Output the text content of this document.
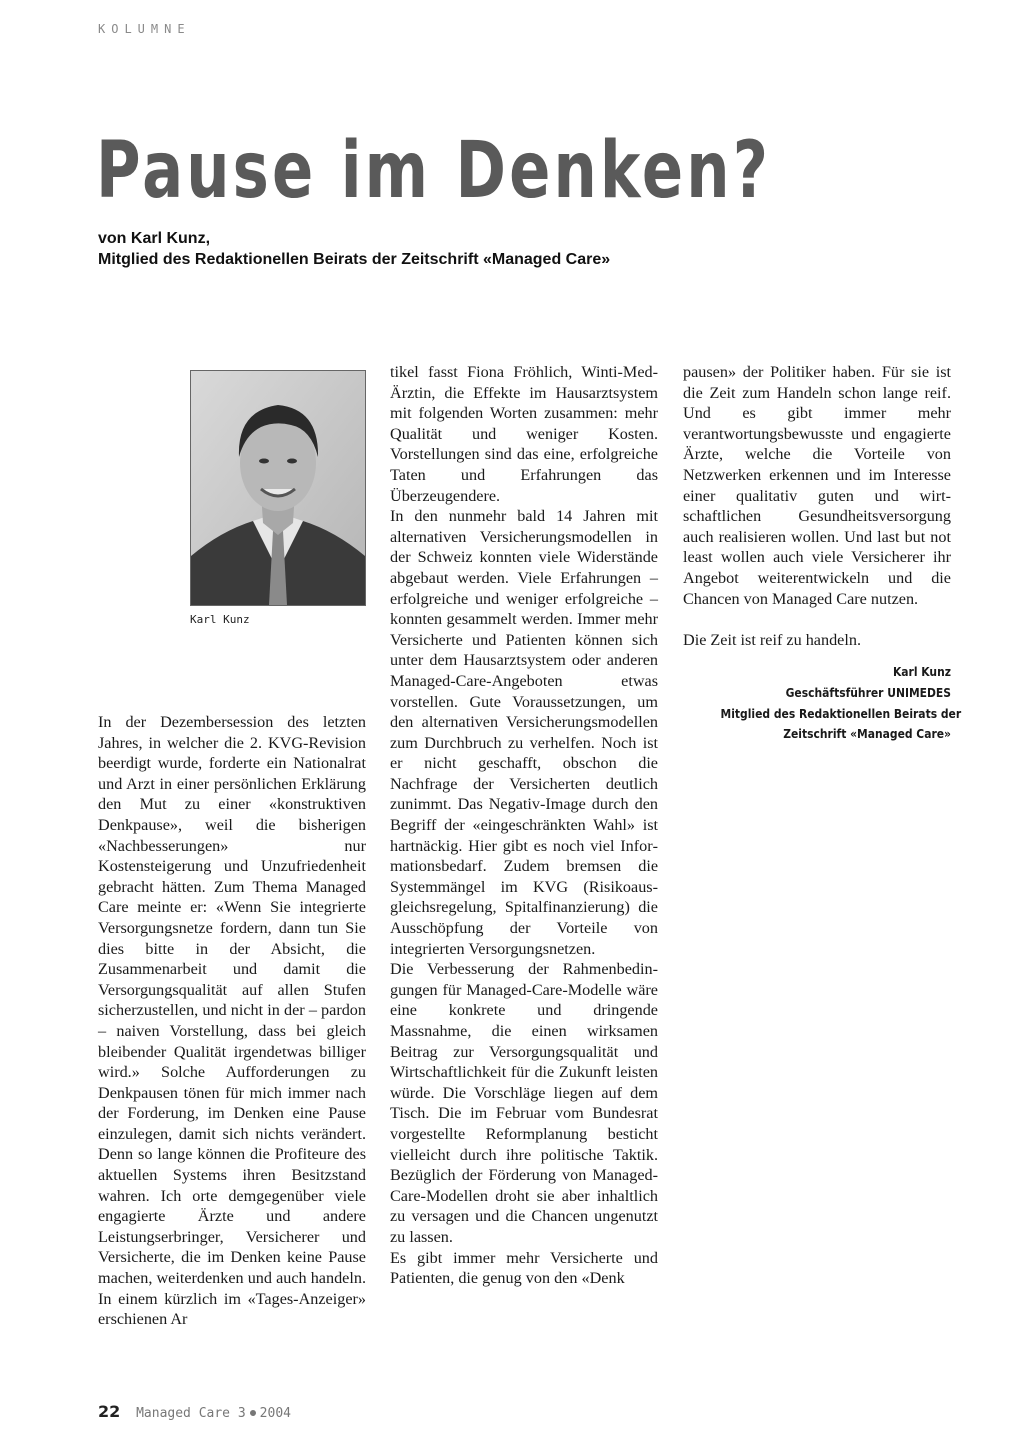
KOLUMNE
Pause im Denken?
von Karl Kunz,
Mitglied des Redaktionellen Beirats der Zeitschrift «Managed Care»
Karl Kunz

In der Dezembersession des letzten Jahres, in welcher die 2. KVG-Revision beerdigt wurde, forderte ein Nationalrat und Arzt in einer persönlichen Erklärung den Mut zu einer «konstruktiven Denkpause», weil die bisherigen «Nachbesserungen» nur Kostensteigerung und Unzufriedenheit gebracht hätten. Zum Thema Managed Care meinte er: «Wenn Sie integrierte Versorgungsnetze fordern, dann tun Sie dies bitte in der Absicht, die Zusammenarbeit und damit die Versorgungsqualität auf allen Stufen sicherzustellen, und nicht in der – pardon – naiven Vorstellung, dass bei gleich bleibender Qualität irgendetwas billiger wird.» Solche Aufforderungen zu Denkpausen tönen für mich immer nach der Forderung, im Denken eine Pause einzulegen, damit sich nichts verändert. Denn so lange können die Profiteure des aktuellen Systems ihren Besitzstand wahren. Ich orte demgegenüber viele engagierte Ärzte und andere Leistungserbringer, Versicherer und Versicherte, die im Denken keine Pause machen, weiterdenken und auch handeln. In einem kürzlich im «Tages-Anzeiger» erschienen Ar

tikel fasst Fiona Fröhlich, Winti-Med-Ärztin, die Effekte im Hausarztsystem mit folgenden Worten zusammen: mehr Qualität und weniger Kosten. Vorstellungen sind das eine, erfolgreiche Taten und Erfahrungen das Überzeugendere.

In den nunmehr bald 14 Jahren mit alternativen Versicherungsmodellen in der Schweiz konnten viele Widerstände abgebaut werden. Viele Erfahrungen – erfolgreiche und weniger erfolgreiche – konnten gesammelt werden. Immer mehr Versicherte und Patienten können sich unter dem Hausarztsystem oder anderen Managed-Care-Angeboten etwas vorstellen. Gute Voraussetzungen, um den alternativen Versicherungsmodellen zum Durchbruch zu verhelfen. Noch ist er nicht geschafft, obschon die Nachfrage der Versicherten deutlich zunimmt. Das Negativ-Image durch den Begriff der «eingeschränkten Wahl» ist hartnäckig. Hier gibt es noch viel Informationsbedarf. Zudem bremsen die Systemmängel im KVG (Risikoausgleichsregelung, Spitalfinanzierung) die Ausschöpfung der Vorteile von integrierten Versorgungsnetzen.

Die Verbesserung der Rahmenbedingungen für Managed-Care-Modelle wäre eine konkrete und dringende Massnahme, die einen wirksamen Beitrag zur Versorgungsqualität und Wirtschaftlichkeit für die Zukunft leisten würde. Die Vorschläge liegen auf dem Tisch. Die im Februar vom Bundesrat vorgestellte Reformplanung besticht vielleicht durch ihre politische Taktik. Bezüglich der Förderung von Managed-Care-Modellen droht sie aber inhaltlich zu versagen und die Chancen ungenutzt zu lassen.

Es gibt immer mehr Versicherte und Patienten, die genug von den «Denk

pausen» der Politiker haben. Für sie ist die Zeit zum Handeln schon lange reif. Und es gibt immer mehr verantwortungsbewusste und engagierte Ärzte, welche die Vorteile von Netzwerken erkennen und im Interesse einer qualitativ guten und wirtschaftlichen Gesundheitsversorgung auch realisieren wollen. Und last but not least wollen auch viele Versicherer ihr Angebot weiterentwickeln und die Chancen von Managed Care nutzen.

Die Zeit ist reif zu handeln.

Karl Kunz
Geschäftsführer UNIMEDES
Mitglied des Redaktionellen Beirats der
Zeitschrift «Managed Care»
22 Managed Care 3 2004
